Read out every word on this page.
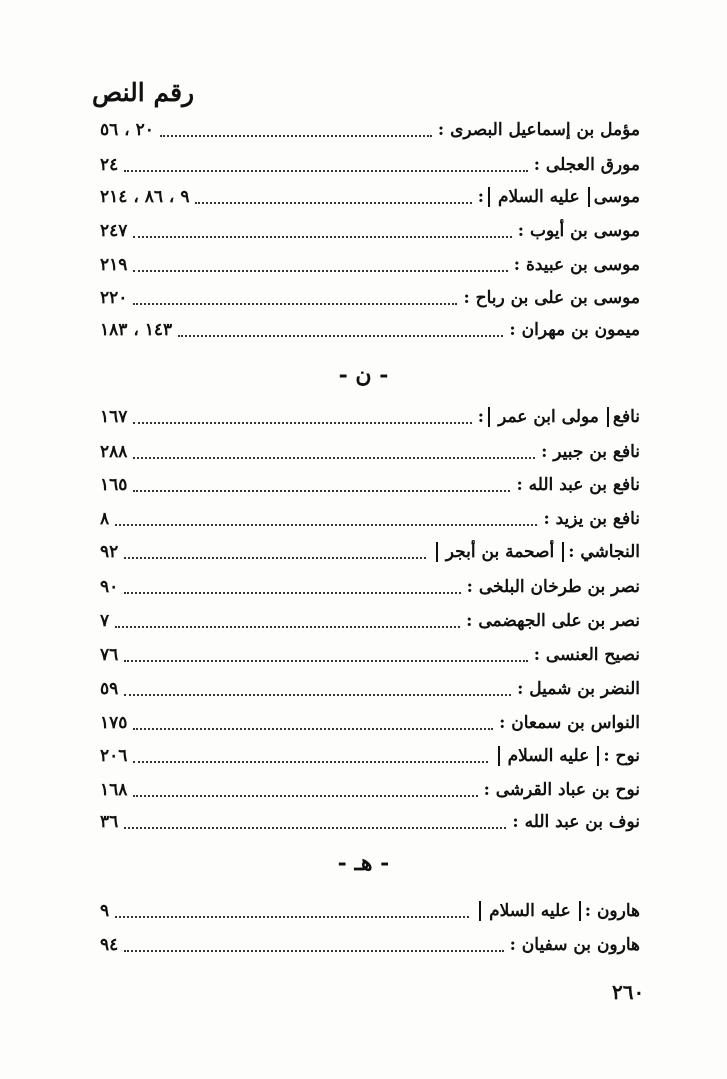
رقم النص
- ن -
- هـ -
مؤمل بن إسماعيل البصرى :
٢٠ ، ٥٦
مورق العجلى :
٢٤
موسى
عليه السلام
:
٩ ، ٨٦ ، ٢١٤
موسى بن أيوب :
٢٤٧
موسى بن عبيدة :
٢١٩
موسى بن على بن رباح :
٢٢٠
ميمون بن مهران :
١٤٣ ، ١٨٣
نافع
مولى ابن عمر
:
١٦٧
نافع بن جبير :
٢٨٨
نافع بن عبد الله :
١٦٥
نافع بن يزيد :
٨
النجاشي :
أصحمة بن أبجر
٩٢
نصر بن طرخان البلخى :
٩٠
نصر بن على الجهضمى :
٧
نصيح العنسى :
٧٦
النضر بن شميل :
٥٩
النواس بن سمعان :
١٧٥
نوح :
عليه السلام
٢٠٦
نوح بن عباد القرشى :
١٦٨
نوف بن عبد الله :
٣٦
هارون :
عليه السلام
٩
هارون بن سفيان :
٩٤
٢٦٠
